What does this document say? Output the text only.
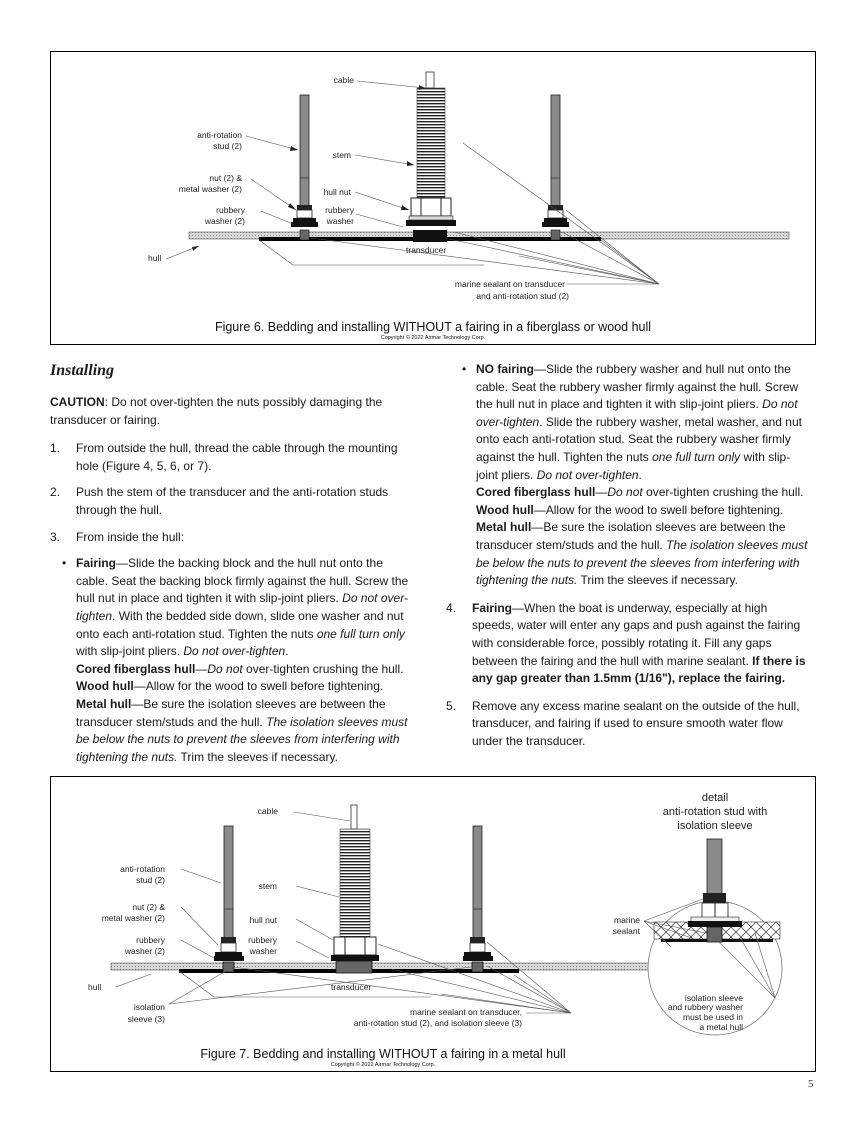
cable
anti-rotation
stud (2)
stem
nut (2) &
metal washer (2)	hull nut
rubbery
washer (2)
rubbery
washer
hull
transducer
marine sealant on transducer
and anti-rotation stud (2)
Figure 6. Bedding and installing WITHOUT a fairing in a fiberglass or wood hull
Copyright © 2022 Airmar Technology Corp.
Installing

CAUTION: Do not over-tighten the nuts possibly damaging the transducer or fairing.

1. From outside the hull, thread the cable through the mounting hole (Figure 4, 5, 6, or 7).
2. Push the stem of the transducer and the anti-rotation studs through the hull.
3. From inside the hull:
• Fairing—Slide the backing block and the hull nut onto the cable. Seat the backing block firmly against the hull. Screw the hull nut in place and tighten it with slip-joint pliers. Do not over-tighten. With the bedded side down, slide one washer and nut onto each anti-rotation stud. Tighten the nuts one full turn only with slip-joint pliers. Do not over-tighten.

Cored fiberglass hull—Do not over-tighten crushing the hull.

Wood hull—Allow for the wood to swell before tightening.

Metal hull—Be sure the isolation sleeves are between the transducer stem/studs and the hull. The isolation sleeves must be below the nuts to prevent the sleeves from interfering with tightening the nuts. Trim the sleeves if necessary.

• NO fairing—Slide the rubbery washer and hull nut onto the cable. Seat the rubbery washer firmly against the hull. Screw the hull nut in place and tighten it with slip-joint pliers. Do not over-tighten. Slide the rubbery washer, metal washer, and nut onto each anti-rotation stud. Seat the rubbery washer firmly against the hull. Tighten the nuts one full turn only with slip-joint pliers. Do not over-tighten.

Cored fiberglass hull—Do not over-tighten crushing the hull.

Wood hull—Allow for the wood to swell before tightening.

Metal hull—Be sure the isolation sleeves are between the transducer stem/studs and the hull. The isolation sleeves must be below the nuts to prevent the sleeves from interfering with tightening the nuts. Trim the sleeves if necessary.

4. Fairing—When the boat is underway, especially at high speeds, water will enter any gaps and push against the fairing with considerable force, possibly rotating it. Fill any gaps between the fairing and the hull with marine sealant. If there is any gap greater than 1.5mm (1/16"), replace the fairing.
5. Remove any excess marine sealant on the outside of the hull, transducer, and fairing if used to ensure smooth water flow under the transducer.
cable
anti-rotation
stud (2)
stem
nut (2) &
metal washer (2)	hull nut
rubbery
washer (2)
rubbery
washer
hull
isolation
sleeve (3)
transducer
marine sealant on transducer,
anti-rotation stud (2), and isolation sleeve (3)
detail
anti-rotation stud with
isolation sleeve
marine
sealant
isolation sleeve
and rubbery washer
must be used in
a metal hull
Figure 7. Bedding and installing WITHOUT a fairing in a metal hull
Copyright © 2022 Airmar Technology Corp.
5
